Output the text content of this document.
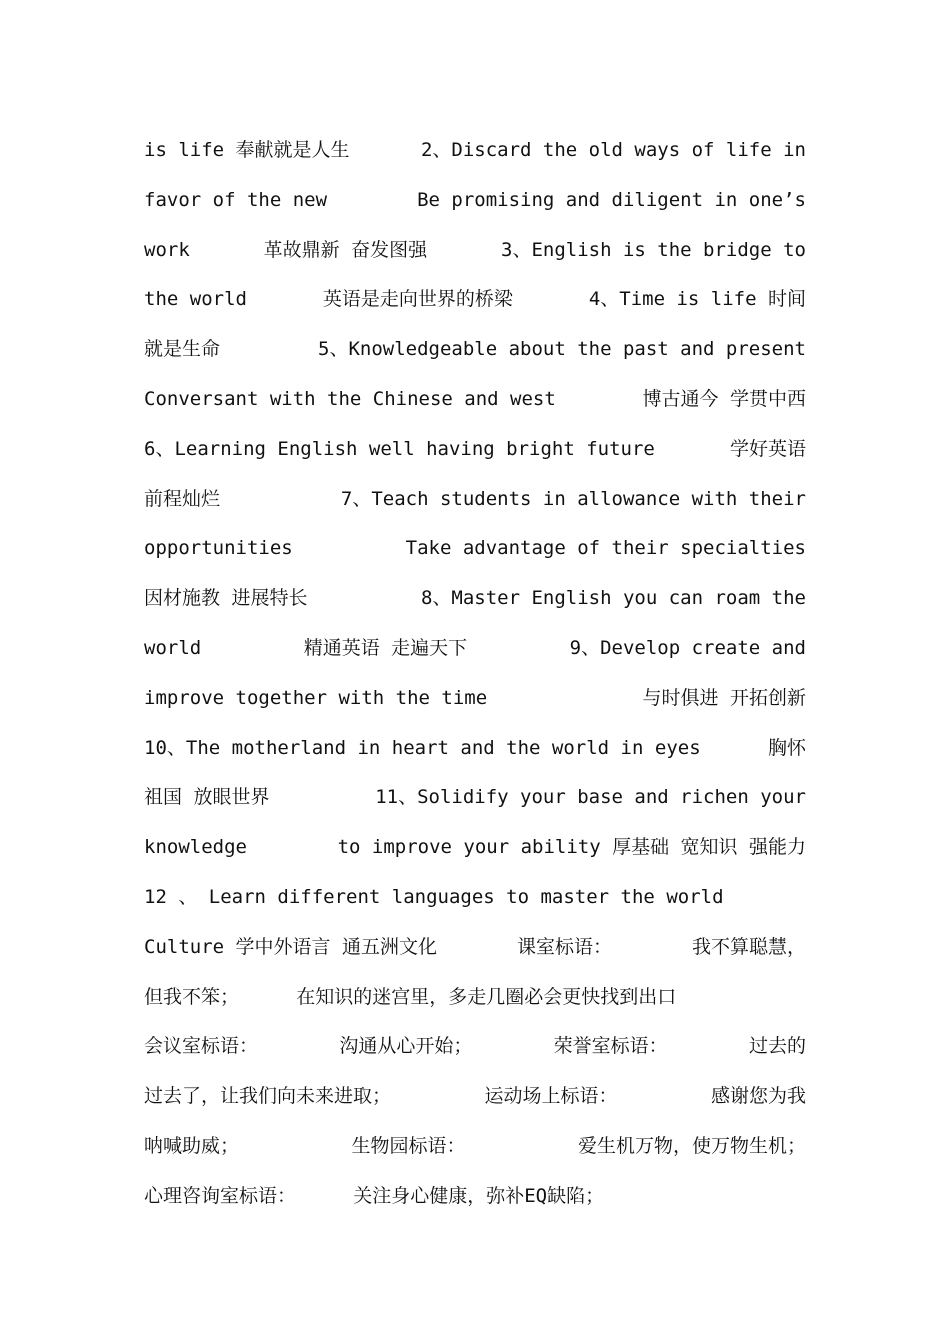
is life 奉献就是人生	2、Discard the old ways of life in
favor of the new	Be promising and diligent in one’s
work	革故鼎新 奋发图强	3、English is the bridge to
the world	英语是走向世界的桥梁	4、Time is life 时间
就是生命	5、Knowledgeable about the past and present
Conversant with the Chinese and west	博古通今 学贯中西
6、Learning English well having bright future	学好英语
前程灿烂	7、Teach students in allowance with their
opportunities	Take advantage of their specialties
因材施教 进展特长	8、Master English you can roam the
world	精通英语 走遍天下	9、Develop create and
improve together with the time	与时俱进 开拓创新
10、The motherland in heart and the world in eyes	胸怀
祖国 放眼世界	11、Solidify your base and richen your
knowledge	to improve your ability 厚基础 宽知识 强能力
12 、 Learn different languages to master the world
Culture 学中外语言 通五洲文化	课室标语：	我不算聪慧，
但我不笨；     在知识的迷宫里，多走几圈必会更快找到出口
会议室标语：	沟通从心开始；	荣誉室标语：	过去的
过去了，让我们向未来进取；	运动场上标语：	感谢您为我
呐喊助威；	生物园标语：	爱生机万物，使万物生机；
心理咨询室标语：     关注身心健康，弥补EQ缺陷；
